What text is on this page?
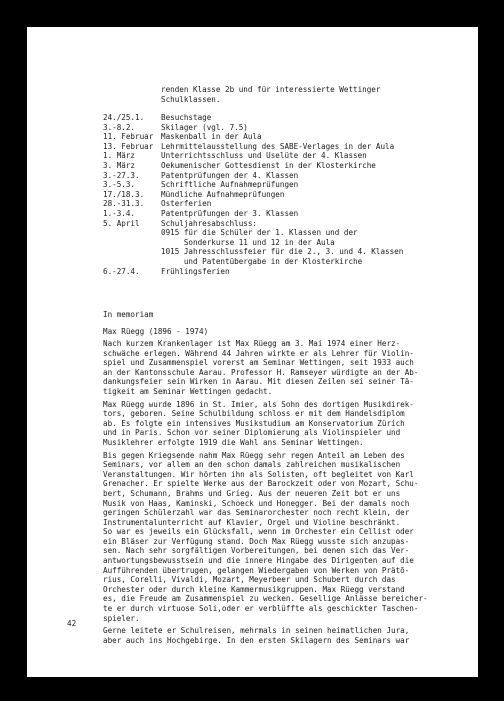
renden Klasse 2b und für interessierte Wettinger
Schulklassen.
24./25.1.	Besuchstage
3.-8.2.	Skilager (vgl. 7.5)
11. Februar	Maskenball in der Aula
13. Februar	Lehrmittelausstellung des SABE-Verlages in der Aula
1. März	Unterrichtsschluss und Uselüte der 4. Klassen
3. März	Oekumenischer Gottesdienst in der Klosterkirche
3.-27.3.	Patentprüfungen der 4. Klassen
3.-5.3.	Schriftliche Aufnahmeprüfungen
17./18.3.	Mündliche Aufnahmeprüfungen
28.-31.3.	Osterferien
1.-3.4.	Patentprüfungen der 3. Klassen
5. April	Schuljahresabschluss:
0915 für die Schüler der 1. Klassen und der
Sonderkurse 11 und 12 in der Aula
1015 Jahresschlussfeier für die 2., 3. und 4. Klassen
und Patentübergabe in der Klosterkirche
6.-27.4.	Frühlingsferien
In memoriam
Max Rüegg (1896 - 1974)

Nach kurzem Krankenlager ist Max Rüegg am 3. Mai 1974 einer Herz-
schwäche erlegen. Während 44 Jahren wirkte er als Lehrer für Violin-
spiel und Zusammenspiel vorerst am Seminar Wettingen, seit 1933 auch
an der Kantonsschule Aarau. Professor H. Ramseyer würdigte an der Ab-
dankungsfeier sein Wirken in Aarau. Mit diesen Zeilen sei seiner Tä-
tigkeit am Seminar Wettingen gedacht.

Max Rüegg wurde 1896 in St. Imier, als Sohn des dortigen Musikdirek-
tors, geboren. Seine Schulbildung schloss er mit dem Handelsdiplom
ab. Es folgte ein intensives Musikstudium am Konservatorium Zürich
und in Paris. Schon vor seiner Diplomierung als Violinspieler und
Musiklehrer erfolgte 1919 die Wahl ans Seminar Wettingen.

Bis gegen Kriegsende nahm Max Rüegg sehr regen Anteil am Leben des
Seminars, vor allem an den schon damals zahlreichen musikalischen
Veranstaltungen. Wir hörten ihn als Solisten, oft begleitet von Karl
Grenacher. Er spielte Werke aus der Barockzeit oder von Mozart, Schu-
bert, Schumann, Brahms und Grieg. Aus der neueren Zeit bot er uns
Musik von Haas, Kaminski, Schoeck und Honegger. Bei der damals noch
geringen Schülerzahl war das Seminarorchester noch recht klein, der
Instrumentalunterricht auf Klavier, Orgel und Violine beschränkt.
So war es jeweils ein Glücksfall, wenn im Orchester ein Cellist oder
ein Bläser zur Verfügung stand. Doch Max Rüegg wusste sich anzupas-
sen. Nach sehr sorgfältigen Vorbereitungen, bei denen sich das Ver-
antwortungsbewusstsein und die innere Hingabe des Dirigenten auf die
Aufführenden übertrugen, gelangen Wiedergaben von Werken von Prätō-
rius, Corelli, Vivaldi, Mozart, Meyerbeer und Schubert durch das
Orchester oder durch kleine Kammermusikgruppen. Max Rüegg verstand
es, die Freude am Zusammenspiel zu wecken. Gesellige Anlässe bereicher-
te er durch virtuose Soli,oder er verblüffte als geschickter Taschen-
spieler.

Gerne leitete er Schulreisen, mehrmals in seinen heimatlichen Jura,
aber auch ins Hochgebirge. In den ersten Skilagern des Seminars war

42
